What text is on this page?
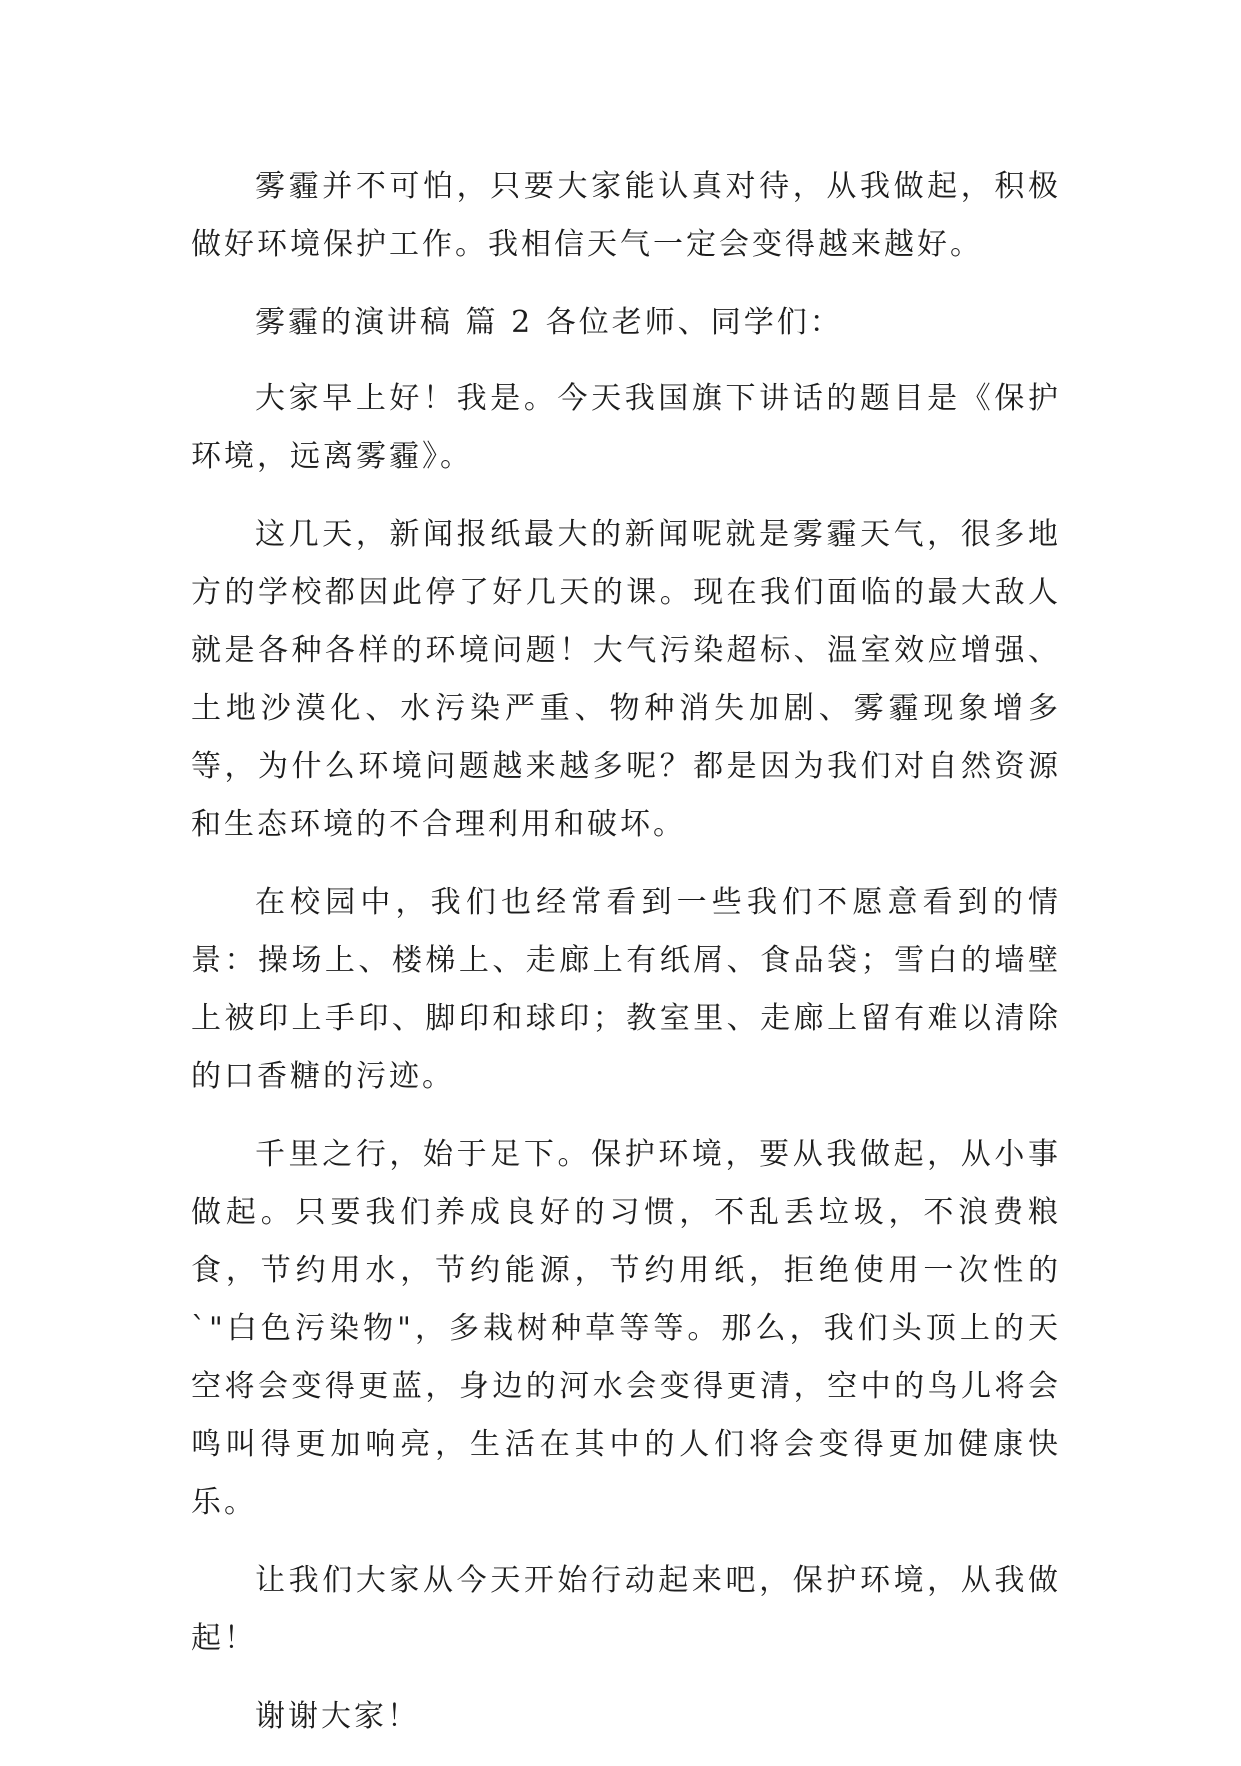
雾霾并不可怕，只要大家能认真对待，从我做起，积极做好环境保护工作。我相信天气一定会变得越来越好。

雾霾的演讲稿 篇 2 各位老师、同学们：

大家早上好！我是。今天我国旗下讲话的题目是《保护环境，远离雾霾》。

这几天，新闻报纸最大的新闻呢就是雾霾天气，很多地方的学校都因此停了好几天的课。现在我们面临的最大敌人就是各种各样的环境问题！大气污染超标、温室效应增强、土地沙漠化、水污染严重、物种消失加剧、雾霾现象增多等，为什么环境问题越来越多呢？都是因为我们对自然资源和生态环境的不合理利用和破坏。

在校园中，我们也经常看到一些我们不愿意看到的情景：操场上、楼梯上、走廊上有纸屑、食品袋；雪白的墙壁上被印上手印、脚印和球印；教室里、走廊上留有难以清除的口香糖的污迹。

千里之行，始于足下。保护环境，要从我做起，从小事做起。只要我们养成良好的习惯，不乱丢垃圾，不浪费粮食，节约用水，节约能源，节约用纸，拒绝使用一次性的`"白色污染物"，多栽树种草等等。那么，我们头顶上的天空将会变得更蓝，身边的河水会变得更清，空中的鸟儿将会鸣叫得更加响亮，生活在其中的人们将会变得更加健康快乐。

让我们大家从今天开始行动起来吧，保护环境，从我做起！

谢谢大家！
